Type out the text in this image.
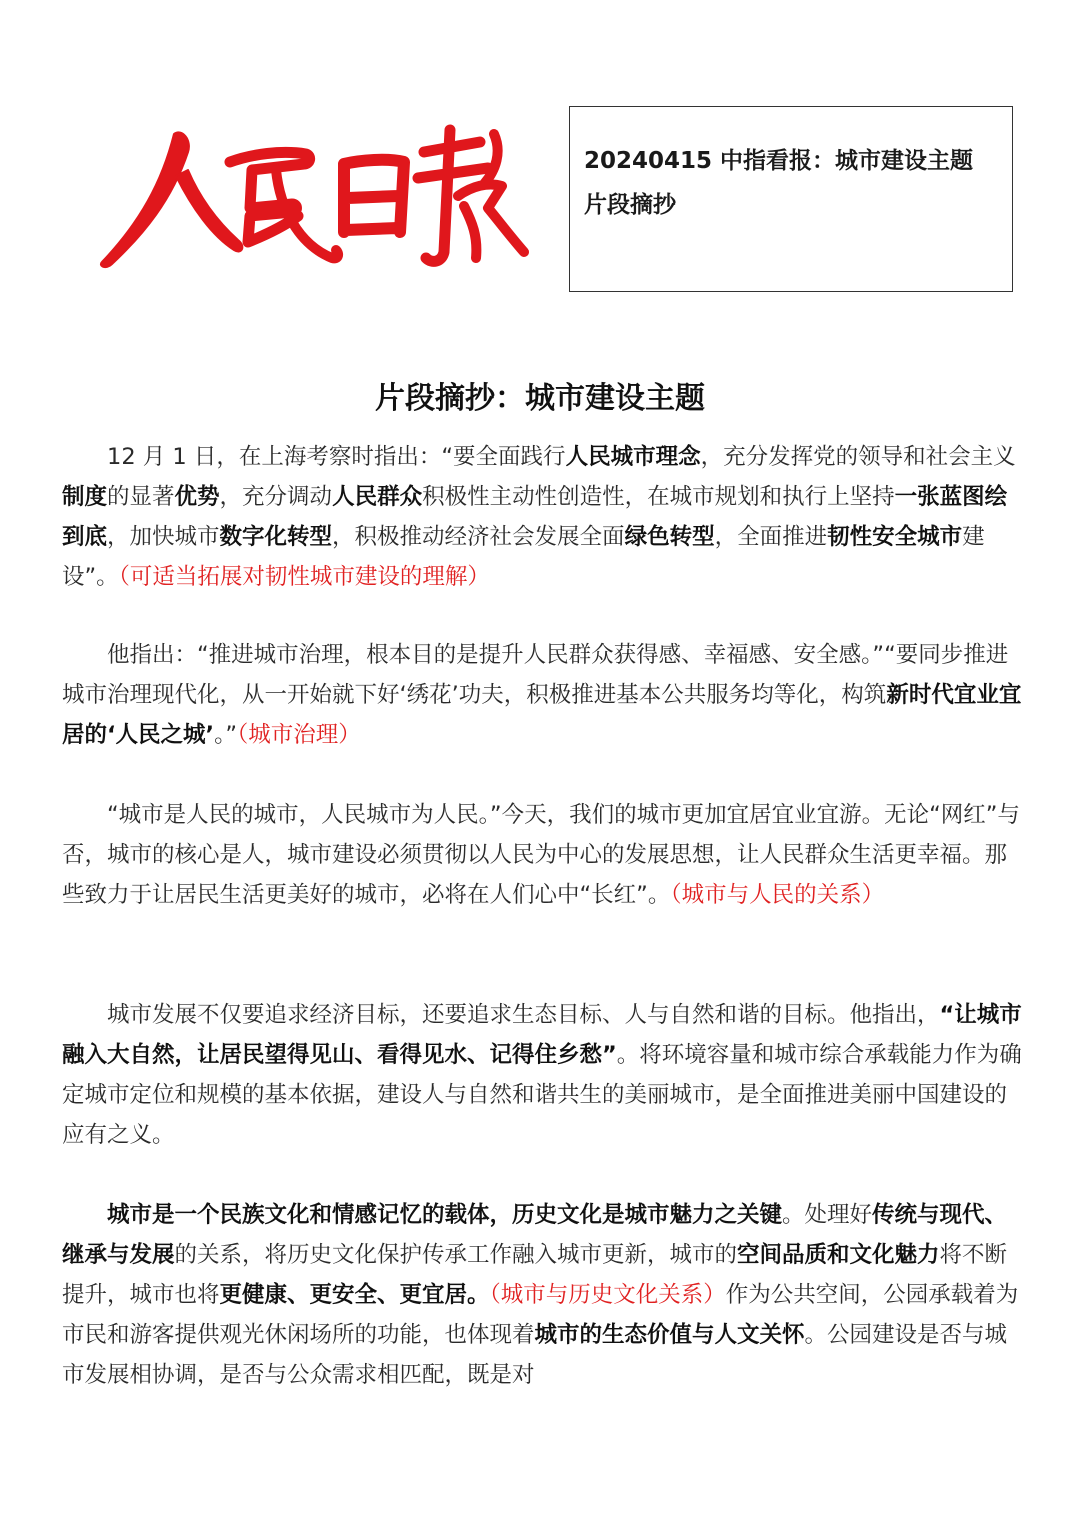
20240415 中指看报：城市建设主题

片段摘抄

片段摘抄：城市建设主题

12 月 1 日，在上海考察时指出：“要全面践行人民城市理念，充分发挥党的领导和社会主义制度的显著优势，充分调动人民群众积极性主动性创造性，在城市规划和执行上坚持一张蓝图绘到底，加快城市数字化转型，积极推动经济社会发展全面绿色转型，全面推进韧性安全城市建设”。（可适当拓展对韧性城市建设的理解）

他指出：“推进城市治理，根本目的是提升人民群众获得感、幸福感、安全感。”“要同步推进城市治理现代化，从一开始就下好‘绣花’功夫，积极推进基本公共服务均等化，构筑新时代宜业宜居的‘人民之城’。”（城市治理）

“城市是人民的城市，人民城市为人民。”今天，我们的城市更加宜居宜业宜游。无论“网红”与否，城市的核心是人，城市建设必须贯彻以人民为中心的发展思想，让人民群众生活更幸福。那些致力于让居民生活更美好的城市，必将在人们心中“长红”。（城市与人民的关系）

城市发展不仅要追求经济目标，还要追求生态目标、人与自然和谐的目标。他指出，“让城市融入大自然，让居民望得见山、看得见水、记得住乡愁”。将环境容量和城市综合承载能力作为确定城市定位和规模的基本依据，建设人与自然和谐共生的美丽城市，是全面推进美丽中国建设的应有之义。

城市是一个民族文化和情感记忆的载体，历史文化是城市魅力之关键。处理好传统与现代、继承与发展的关系，将历史文化保护传承工作融入城市更新，城市的空间品质和文化魅力将不断提升，城市也将更健康、更安全、更宜居。（城市与历史文化关系）作为公共空间，公园承载着为市民和游客提供观光休闲场所的功能，也体现着城市的生态价值与人文关怀。公园建设是否与城市发展相协调，是否与公众需求相匹配，既是对
